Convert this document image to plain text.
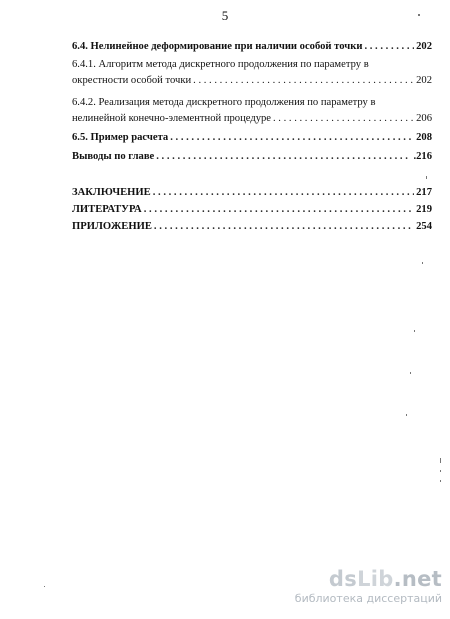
5
6.4. Нелинейное деформирование при наличии особой точки . . .	202
6.4.1. Алгоритм метода дискретного продолжения по параметру в
окрестности особой точки . . .	202
6.4.2. Реализация метода дискретного продолжения по параметру в
нелинейной конечно-элементной процедуре . . .	206
6.5. Пример расчета . . .	208
Выводы по главе . . .	.216
ЗАКЛЮЧЕНИЕ . . .	217
ЛИТЕРАТУРА . . .	219
ПРИЛОЖЕНИЕ . . .	254
dsLib.net
библиотека диссертаций
